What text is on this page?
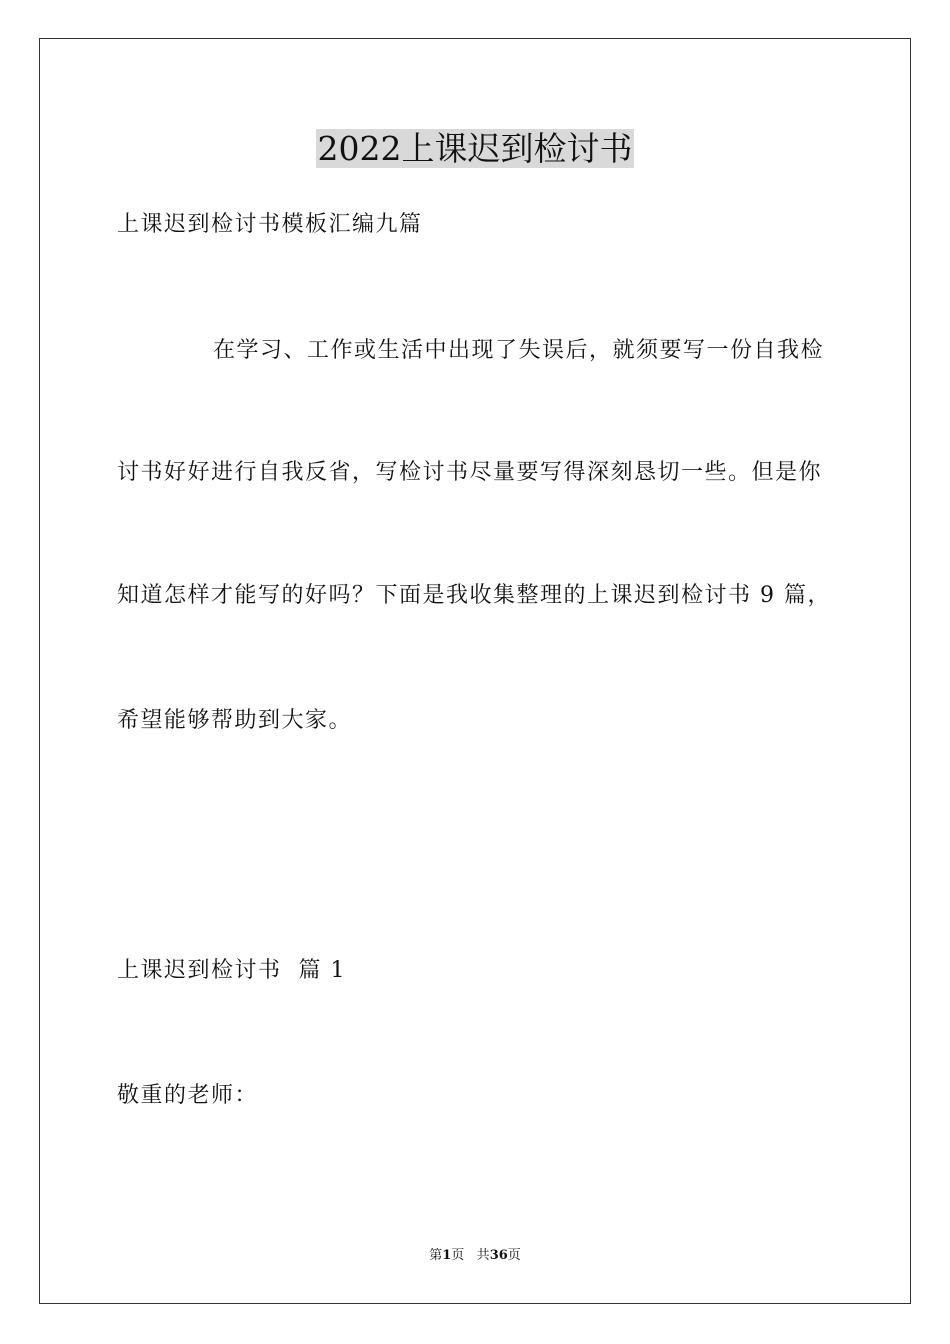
2022上课迟到检讨书
上课迟到检讨书模板汇编九篇
在学习、工作或生活中出现了失误后，就须要写一份自我检
讨书好好进行自我反省，写检讨书尽量要写得深刻恳切一些。但是你
知道怎样才能写的好吗？下面是我收集整理的上课迟到检讨书 9 篇，
希望能够帮助到大家。
上课迟到检讨书  篇 1
敬重的老师：
第1页 共36页
